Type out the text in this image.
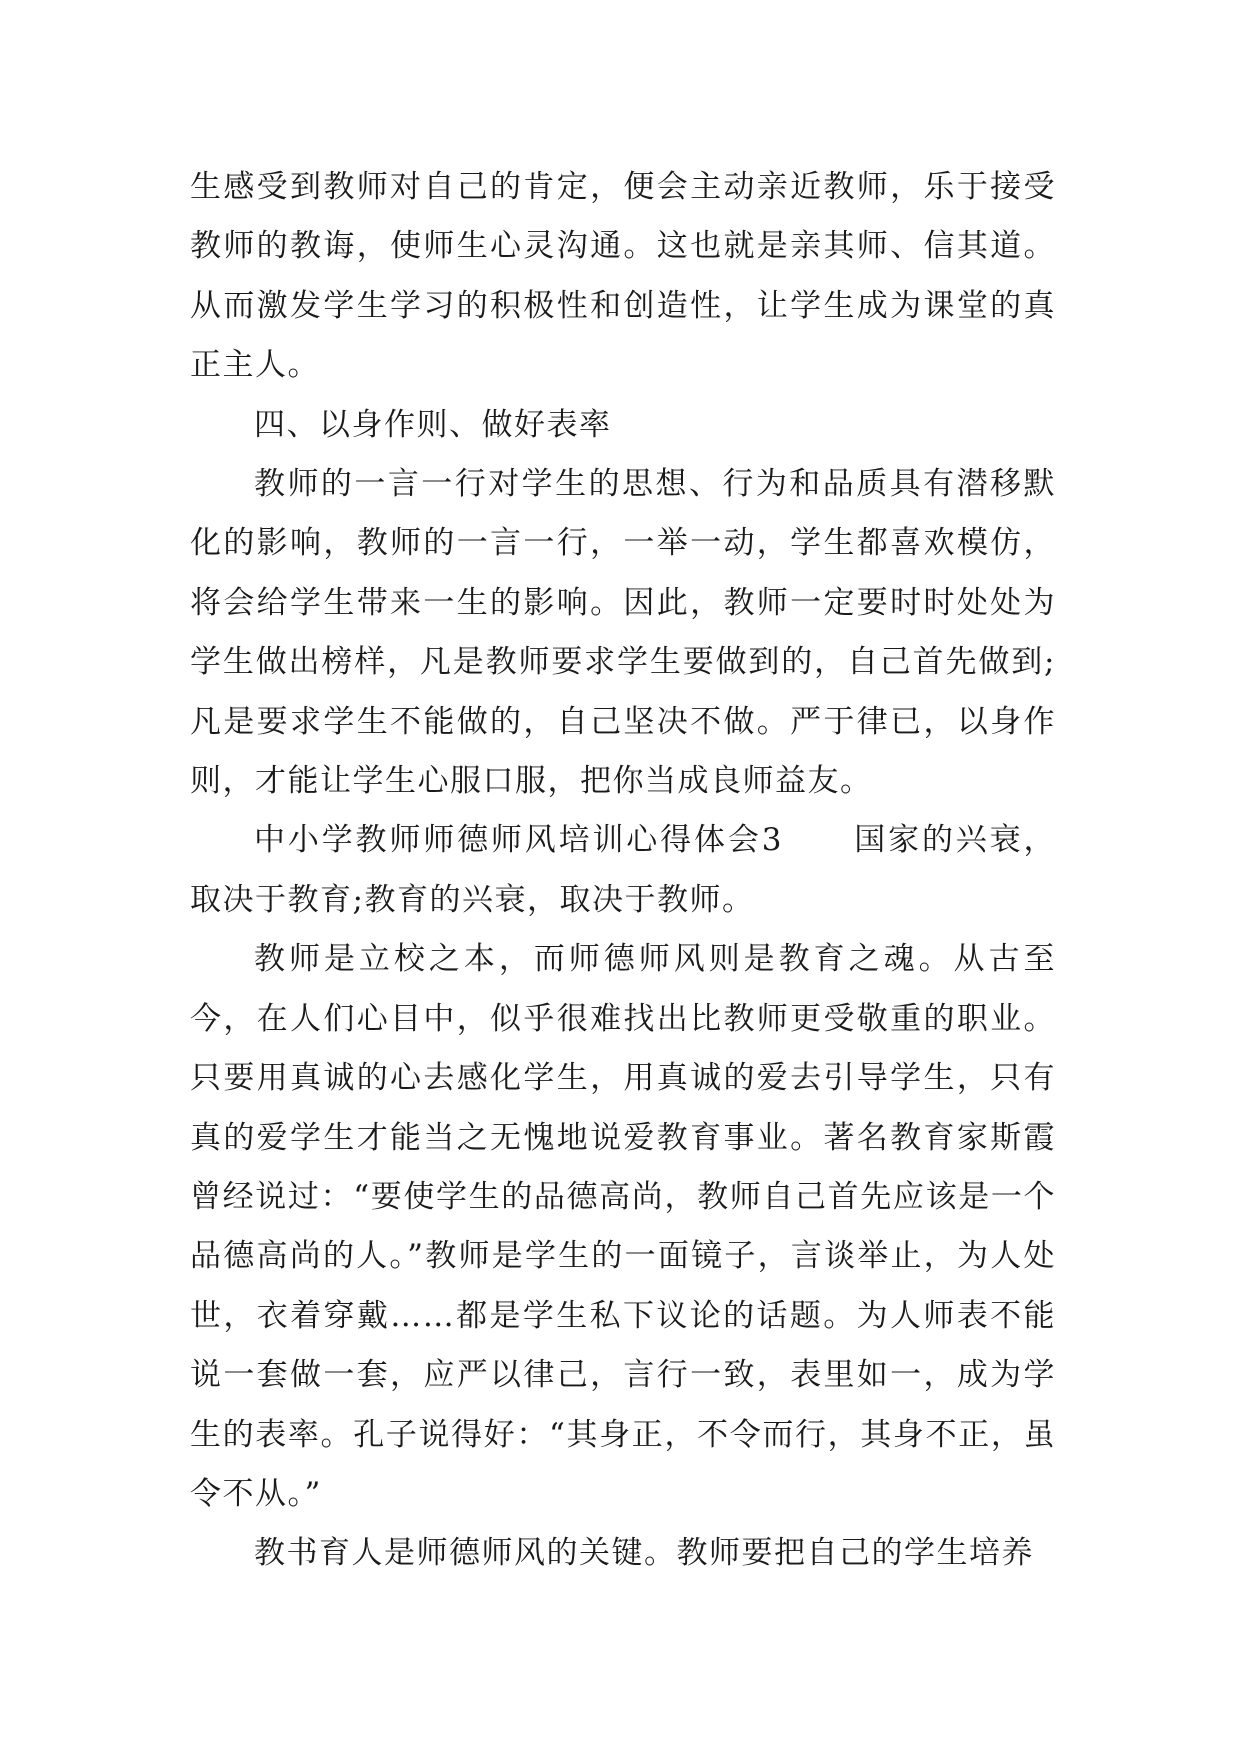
生感受到教师对自己的肯定，便会主动亲近教师，乐于接受教师的教诲，使师生心灵沟通。这也就是亲其师、信其道。从而激发学生学习的积极性和创造性，让学生成为课堂的真正主人。

四、以身作则、做好表率

教师的一言一行对学生的思想、行为和品质具有潜移默化的影响，教师的一言一行，一举一动，学生都喜欢模仿，将会给学生带来一生的影响。因此，教师一定要时时处处为学生做出榜样，凡是教师要求学生要做到的，自己首先做到;凡是要求学生不能做的，自己坚决不做。严于律已，以身作则，才能让学生心服口服，把你当成良师益友。

中小学教师师德师风培训心得体会3 国家的兴衰，取决于教育;教育的兴衰，取决于教师。

教师是立校之本，而师德师风则是教育之魂。从古至今，在人们心目中，似乎很难找出比教师更受敬重的职业。只要用真诚的心去感化学生，用真诚的爱去引导学生，只有真的爱学生才能当之无愧地说爱教育事业。著名教育家斯霞曾经说过：“要使学生的品德高尚，教师自己首先应该是一个品德高尚的人。”教师是学生的一面镜子，言谈举止，为人处世，衣着穿戴……都是学生私下议论的话题。为人师表不能说一套做一套，应严以律己，言行一致，表里如一，成为学生的表率。孔子说得好：“其身正，不令而行，其身不正，虽令不从。”

教书育人是师德师风的关键。教师要把自己的学生培养
